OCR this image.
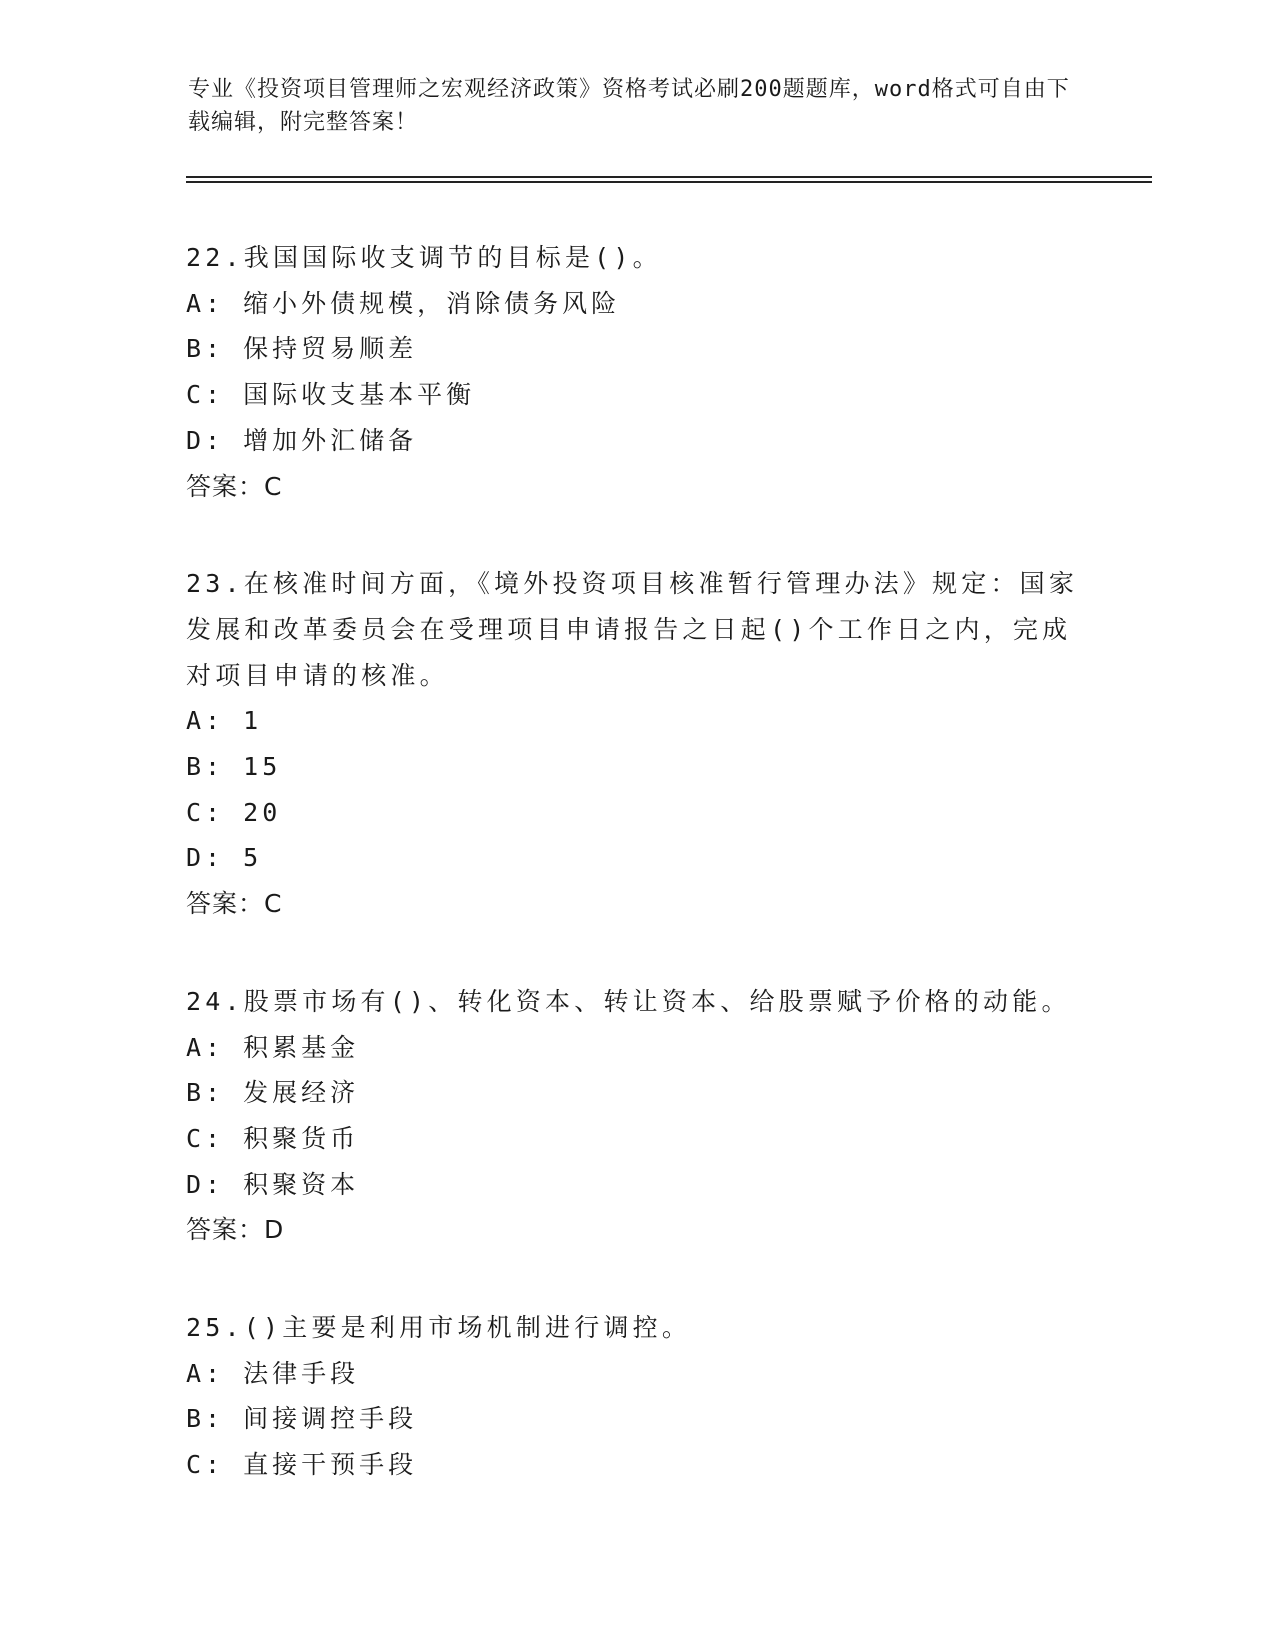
专业《投资项目管理师之宏观经济政策》资格考试必刷200题题库，word格式可自由下载编辑，附完整答案！
22.我国国际收支调节的目标是()。
A: 缩小外债规模，消除债务风险
B: 保持贸易顺差
C: 国际收支基本平衡
D: 增加外汇储备
答案：C
23.在核准时间方面，《境外投资项目核准暂行管理办法》规定：国家发展和改革委员会在受理项目申请报告之日起()个工作日之内，完成对项目申请的核准。
A: 1
B: 15
C: 20
D: 5
答案：C
24.股票市场有()、转化资本、转让资本、给股票赋予价格的动能。
A: 积累基金
B: 发展经济
C: 积聚货币
D: 积聚资本
答案：D
25.()主要是利用市场机制进行调控。
A: 法律手段
B: 间接调控手段
C: 直接干预手段
